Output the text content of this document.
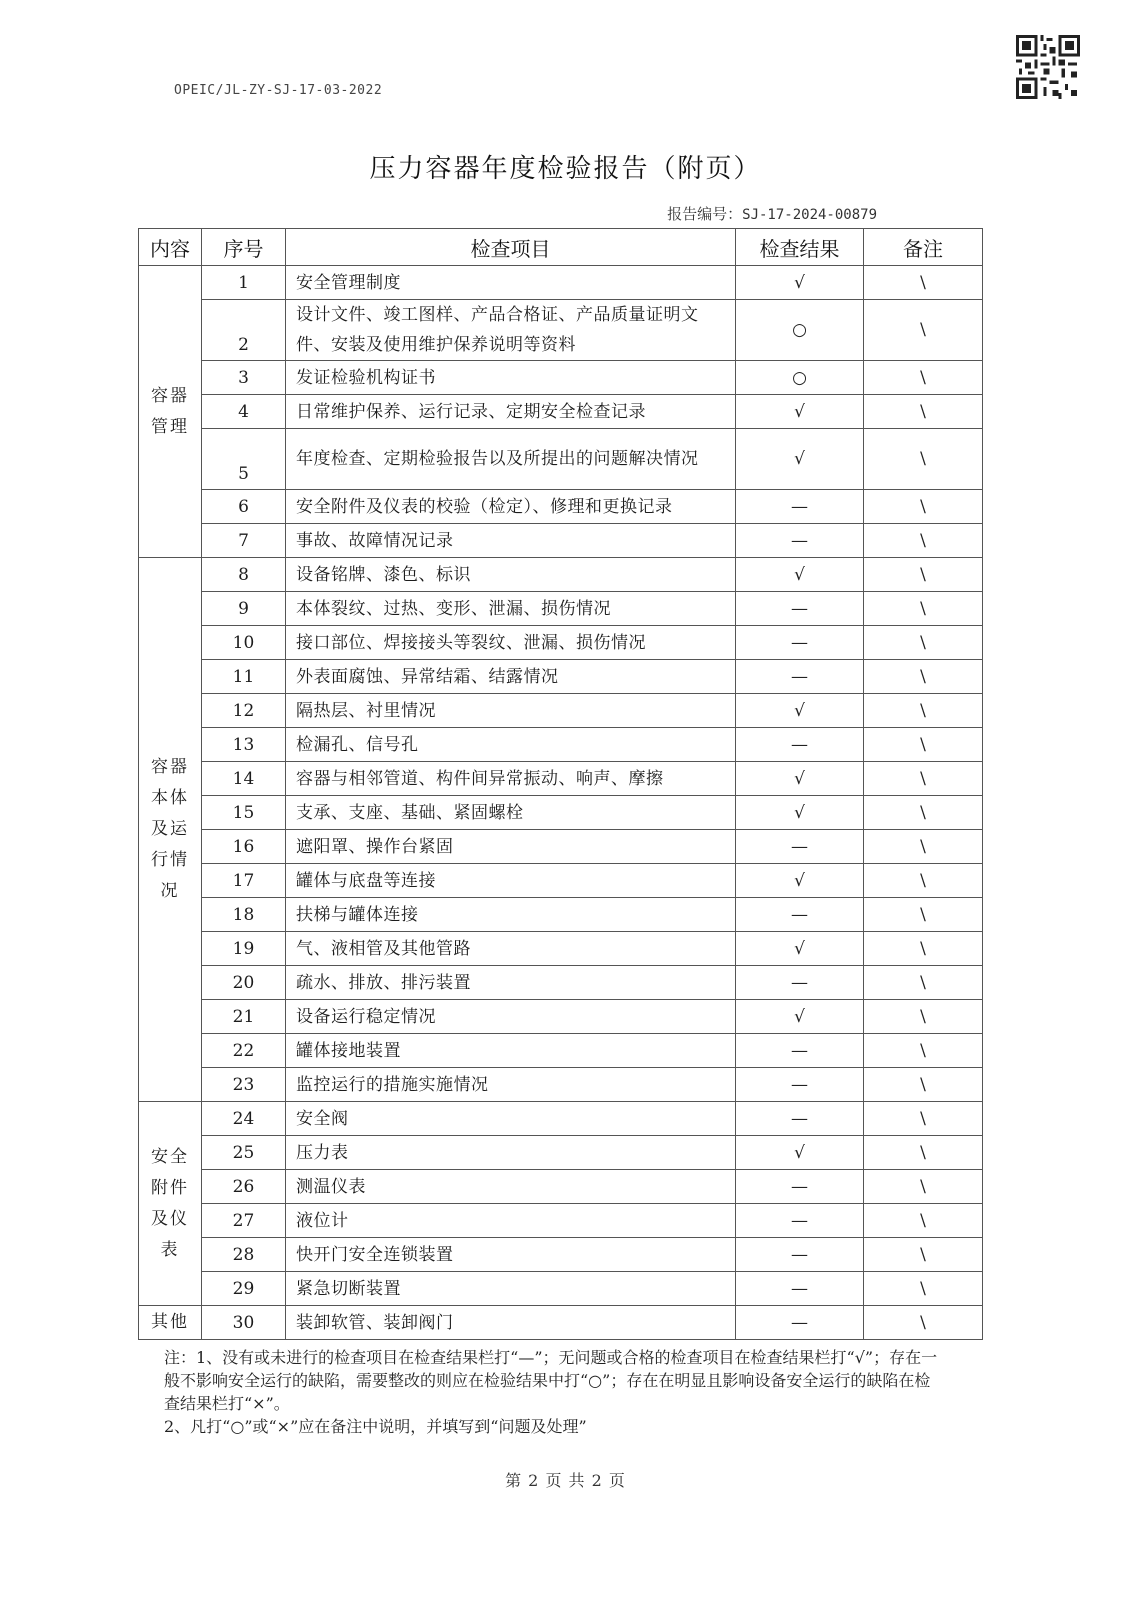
OPEIC/JL-ZY-SJ-17-03-2022
压力容器年度检验报告（附页）
报告编号：SJ-17-2024-00879
内容	序号	检查项目	检查结果	备注
容器
管理	1	安全管理制度	√	\
	2	设计文件、竣工图样、产品合格证、产品质量证明文件、安装及使用维护保养说明等资料	○	\
	3	发证检验机构证书	○	\
	4	日常维护保养、运行记录、定期安全检查记录	√	\
	5	年度检查、定期检验报告以及所提出的问题解决情况	√	\
	6	安全附件及仪表的校验（检定）、修理和更换记录	—	\
	7	事故、故障情况记录	—	\
容器
本体
及运
行情
况	8	设备铭牌、漆色、标识	√	\
	9	本体裂纹、过热、变形、泄漏、损伤情况	—	\
	10	接口部位、焊接接头等裂纹、泄漏、损伤情况	—	\
	11	外表面腐蚀、异常结霜、结露情况	—	\
	12	隔热层、衬里情况	√	\
	13	检漏孔、信号孔	—	\
	14	容器与相邻管道、构件间异常振动、响声、摩擦	√	\
	15	支承、支座、基础、紧固螺栓	√	\
	16	遮阳罩、操作台紧固	—	\
	17	罐体与底盘等连接	√	\
	18	扶梯与罐体连接	—	\
	19	气、液相管及其他管路	√	\
	20	疏水、排放、排污装置	—	\
	21	设备运行稳定情况	√	\
	22	罐体接地装置	—	\
	23	监控运行的措施实施情况	—	\
安全
附件
及仪
表	24	安全阀	—	\
	25	压力表	√	\
	26	测温仪表	—	\
	27	液位计	—	\
	28	快开门安全连锁装置	—	\
	29	紧急切断装置	—	\
其他	30	装卸软管、装卸阀门	—	\

注：1、没有或未进行的检查项目在检查结果栏打“—”；无问题或合格的检查项目在检查结果栏打“√”；存在一般不影响安全运行的缺陷，需要整改的则应在检验结果中打“○”；存在在明显且影响设备安全运行的缺陷在检查结果栏打“×”。

2、凡打“○”或“×”应在备注中说明，并填写到“问题及处理”

第 2 页 共 2 页
